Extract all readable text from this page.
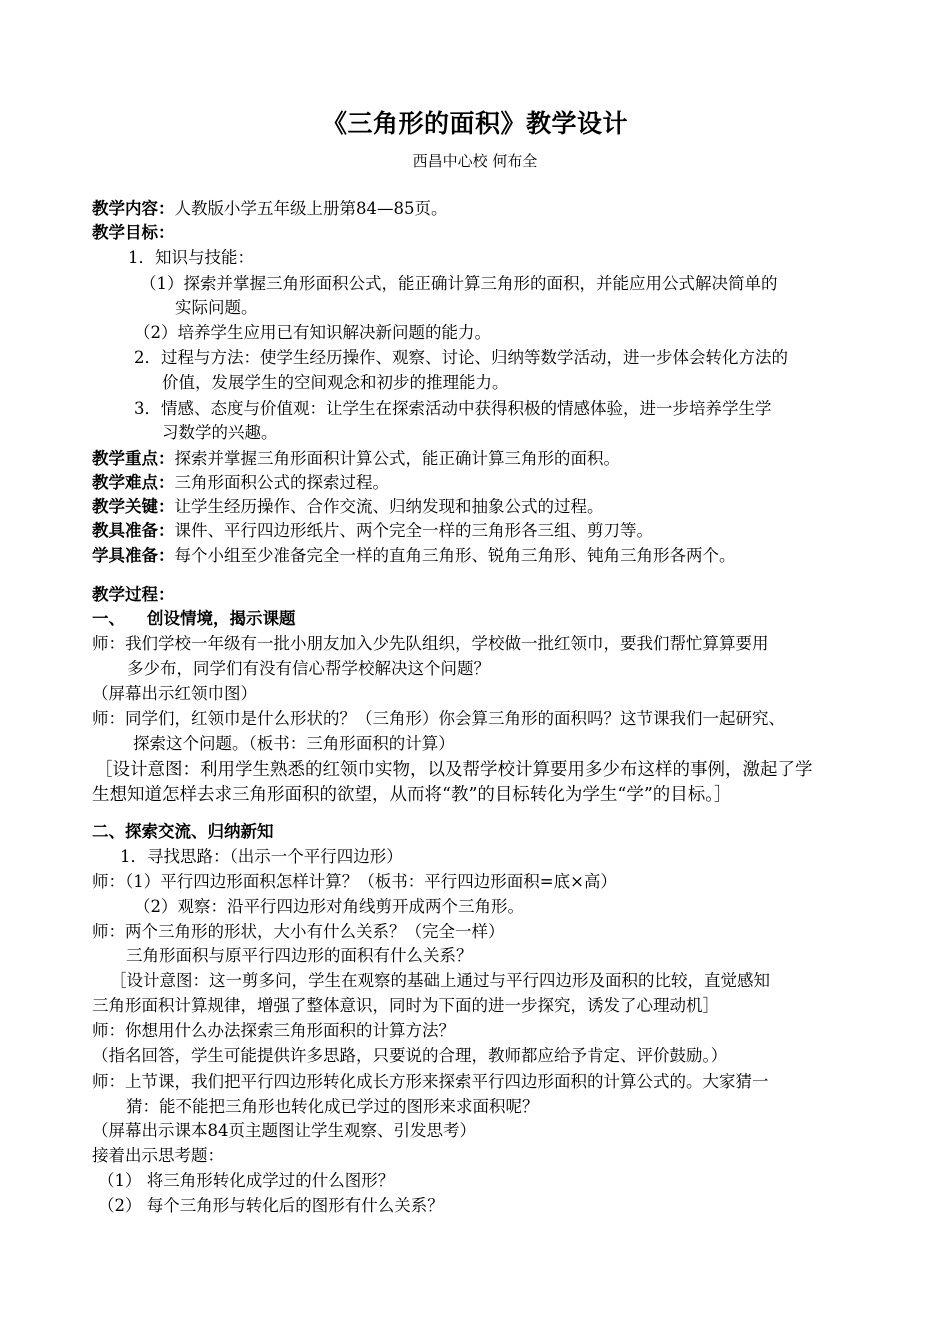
《三角形的面积》教学设计
西昌中心校 何布全
教学内容：人教版小学五年级上册第84—85页。
教学目标：
1．知识与技能：
（1）探索并掌握三角形面积公式，能正确计算三角形的面积，并能应用公式解决简单的
实际问题。
（2）培养学生应用已有知识解决新问题的能力。
2．过程与方法：使学生经历操作、观察、讨论、归纳等数学活动，进一步体会转化方法的
价值，发展学生的空间观念和初步的推理能力。
3．情感、态度与价值观：让学生在探索活动中获得积极的情感体验，进一步培养学生学
习数学的兴趣。
教学重点：探索并掌握三角形面积计算公式，能正确计算三角形的面积。
教学难点：三角形面积公式的探索过程。
教学关键：让学生经历操作、合作交流、归纳发现和抽象公式的过程。
教具准备：课件、平行四边形纸片、两个完全一样的三角形各三组、剪刀等。
学具准备：每个小组至少准备完全一样的直角三角形、锐角三角形、钝角三角形各两个。
教学过程：
一、 创设情境，揭示课题
师：我们学校一年级有一批小朋友加入少先队组织，学校做一批红领巾，要我们帮忙算算要用
多少布，同学们有没有信心帮学校解决这个问题？
（屏幕出示红领巾图）
师：同学们，红领巾是什么形状的？（三角形）你会算三角形的面积吗？这节课我们一起研究、
探索这个问题。（板书：三角形面积的计算）
［设计意图：利用学生熟悉的红领巾实物，以及帮学校计算要用多少布这样的事例，激起了学
生想知道怎样去求三角形面积的欲望，从而将“教”的目标转化为学生“学”的目标。］
二、探索交流、归纳新知
1．寻找思路：（出示一个平行四边形）
师：（1）平行四边形面积怎样计算？（板书：平行四边形面积=底×高）
（2）观察：沿平行四边形对角线剪开成两个三角形。
师：两个三角形的形状，大小有什么关系？（完全一样）
三角形面积与原平行四边形的面积有什么关系？
［设计意图：这一剪多问，学生在观察的基础上通过与平行四边形及面积的比较，直觉感知
三角形面积计算规律，增强了整体意识，同时为下面的进一步探究，诱发了心理动机］
师：你想用什么办法探索三角形面积的计算方法？
（指名回答，学生可能提供许多思路，只要说的合理，教师都应给予肯定、评价鼓励。）
师：上节课，我们把平行四边形转化成长方形来探索平行四边形面积的计算公式的。大家猜一
猜：能不能把三角形也转化成已学过的图形来求面积呢？
（屏幕出示课本84页主题图让学生观察、引发思考）
接着出示思考题：
（1） 将三角形转化成学过的什么图形？
（2） 每个三角形与转化后的图形有什么关系？
